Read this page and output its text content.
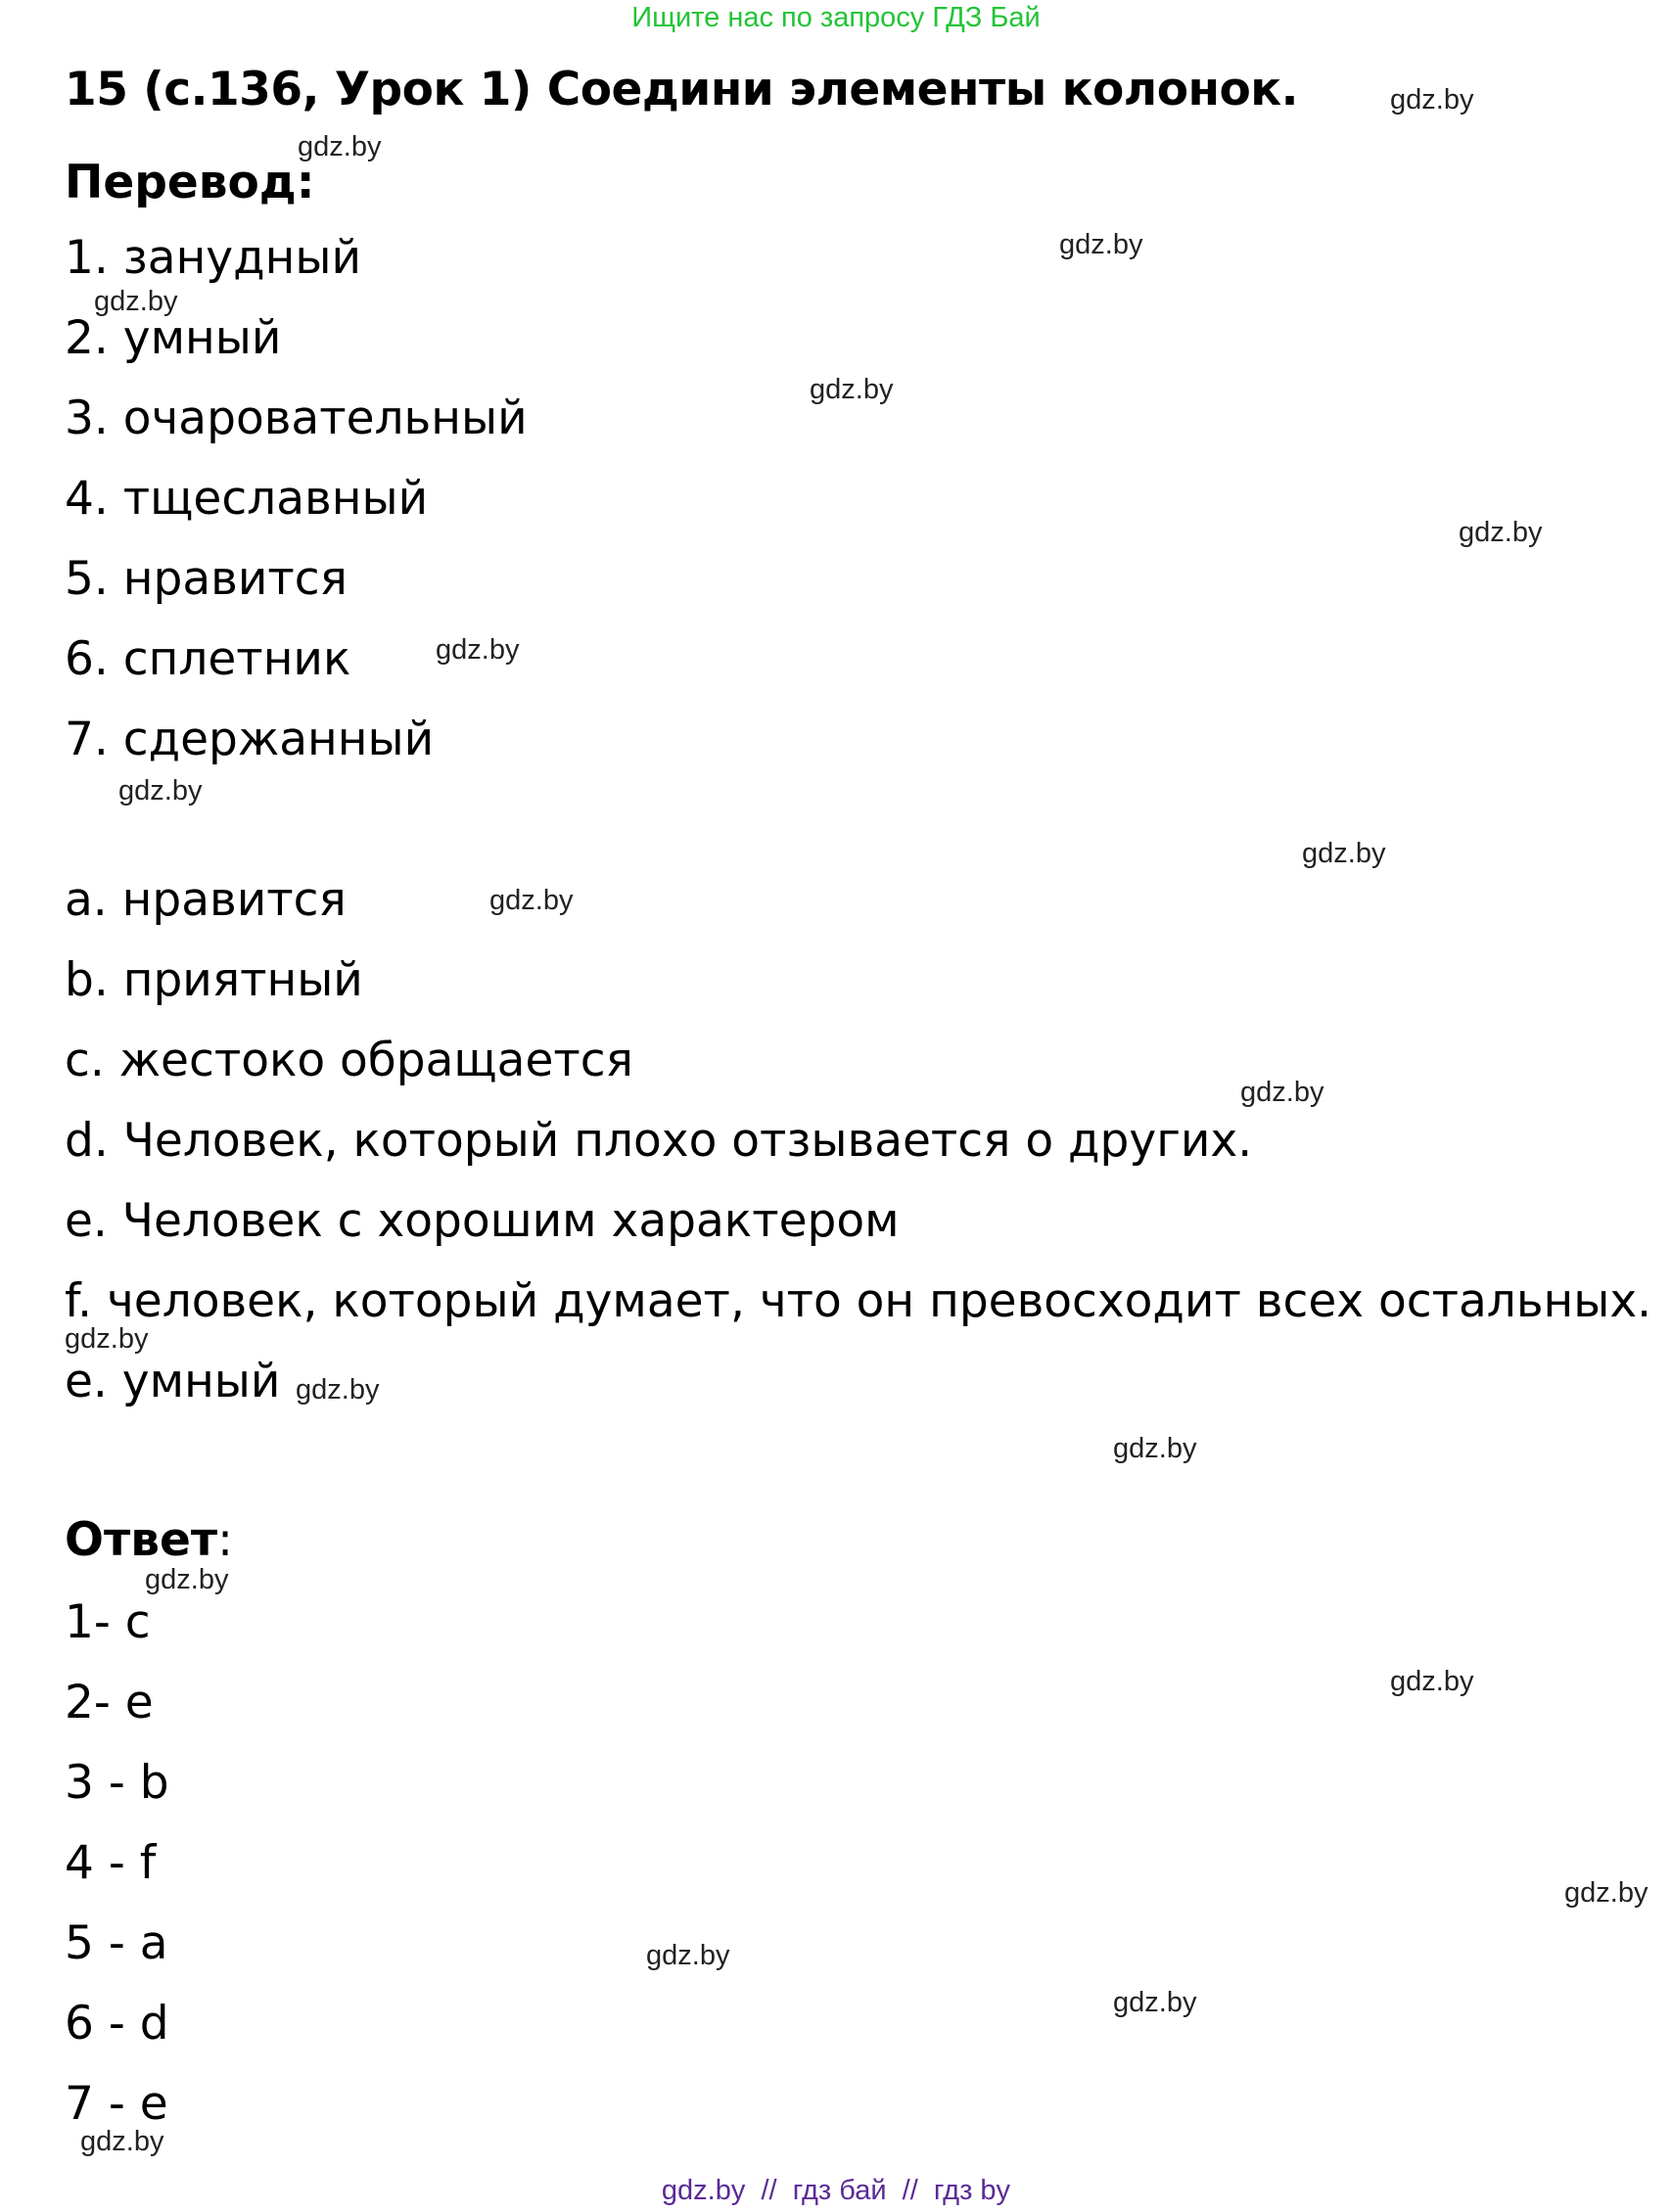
Ищите нас по запросу ГДЗ Бай
15 (с.136, Урок 1) Соедини элементы колонок.
Перевод:
1. занудный
2. умный
3. очаровательный
4. тщеславный
5. нравится
6. сплетник
7. сдержанный
a. нравится
b. приятный
c. жестоко обращается
d. Человек, который плохо отзывается о других.
e. Человек с хорошим характером
f. человек, который думает, что он превосходит всех остальных.
e. умный
Ответ:
1- c
2- e
3 - b
4 - f
5 - a
6 - d
7 - e
gdz.by
gdz.by
gdz.by
gdz.by
gdz.by
gdz.by
gdz.by
gdz.by
gdz.by
gdz.by
gdz.by
gdz.by
gdz.by
gdz.by
gdz.by
gdz.by
gdz.by
gdz.by
gdz.by
gdz.by
gdz.by  //  гдз бай  //  гдз by
